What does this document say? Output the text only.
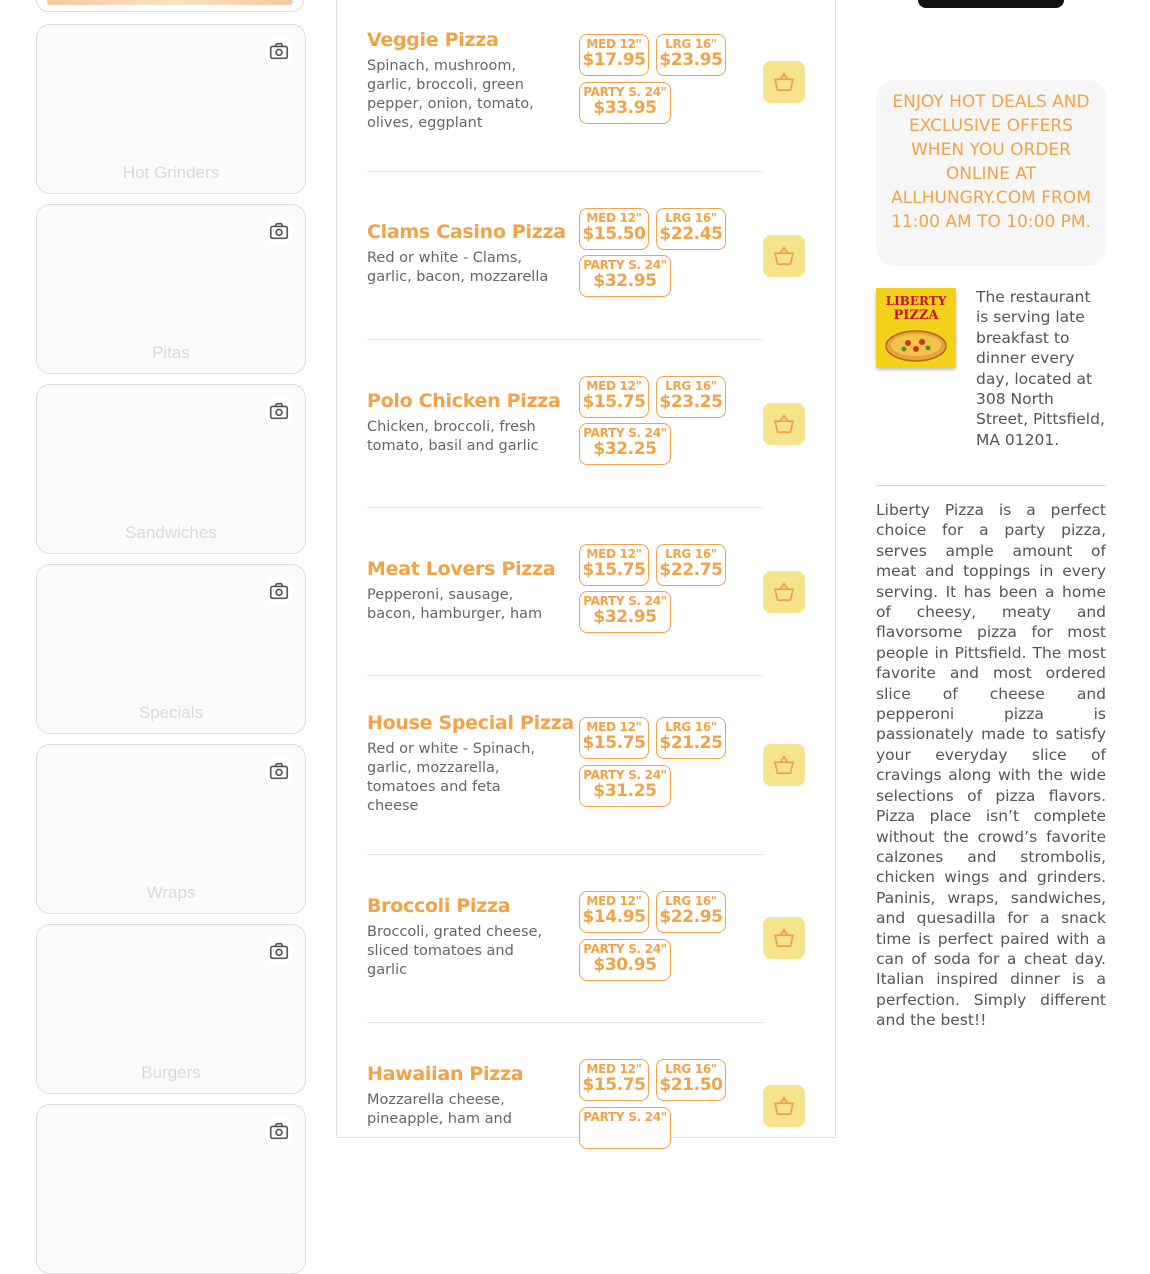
Hot Grinders
Pitas
Sandwiches
Specials
Wraps
Burgers
Veggie Pizza
Spinach, mushroom, garlic, broccoli, green pepper, onion, tomato, olives, eggplant
MED 12"
$17.95
LRG 16"
$23.95
PARTY S. 24"
$33.95
Clams Casino Pizza
Red or white - Clams, garlic, bacon, mozzarella
MED 12"
$15.50
LRG 16"
$22.45
PARTY S. 24"
$32.95
Polo Chicken Pizza
Chicken, broccoli, fresh tomato, basil and garlic
MED 12"
$15.75
LRG 16"
$23.25
PARTY S. 24"
$32.25
Meat Lovers Pizza
Pepperoni, sausage, bacon, hamburger, ham
MED 12"
$15.75
LRG 16"
$22.75
PARTY S. 24"
$32.95
House Special Pizza
Red or white - Spinach, garlic, mozzarella, tomatoes and feta cheese
MED 12"
$15.75
LRG 16"
$21.25
PARTY S. 24"
$31.25
Broccoli Pizza
Broccoli, grated cheese, sliced tomatoes and garlic
MED 12"
$14.95
LRG 16"
$22.95
PARTY S. 24"
$30.95
Hawaiian Pizza
Mozzarella cheese, pineapple, ham and
MED 12"
$15.75
LRG 16"
$21.50
PARTY S. 24"
ENJOY HOT DEALS AND EXCLUSIVE OFFERS WHEN YOU ORDER ONLINE AT ALLHUNGRY.COM FROM 11:00 AM TO 10:00 PM.
LIBERTY
PIZZA
The restaurant is serving late breakfast to dinner every day, located at 308 North Street, Pittsfield, MA 01201.
Liberty Pizza is a perfect choice for a party pizza, serves ample amount of meat and toppings in every serving. It has been a home of cheesy, meaty and flavorsome pizza for most people in Pittsfield. The most favorite and most ordered slice of cheese and pepperoni pizza is passionately made to satisfy your everyday slice of cravings along with the wide selections of pizza flavors. Pizza place isn’t complete without the crowd’s favorite calzones and strombolis, chicken wings and grinders. Paninis, wraps, sandwiches, and quesadilla for a snack time is perfect paired with a can of soda for a cheat day. Italian inspired dinner is a perfection. Simply different and the best!!
